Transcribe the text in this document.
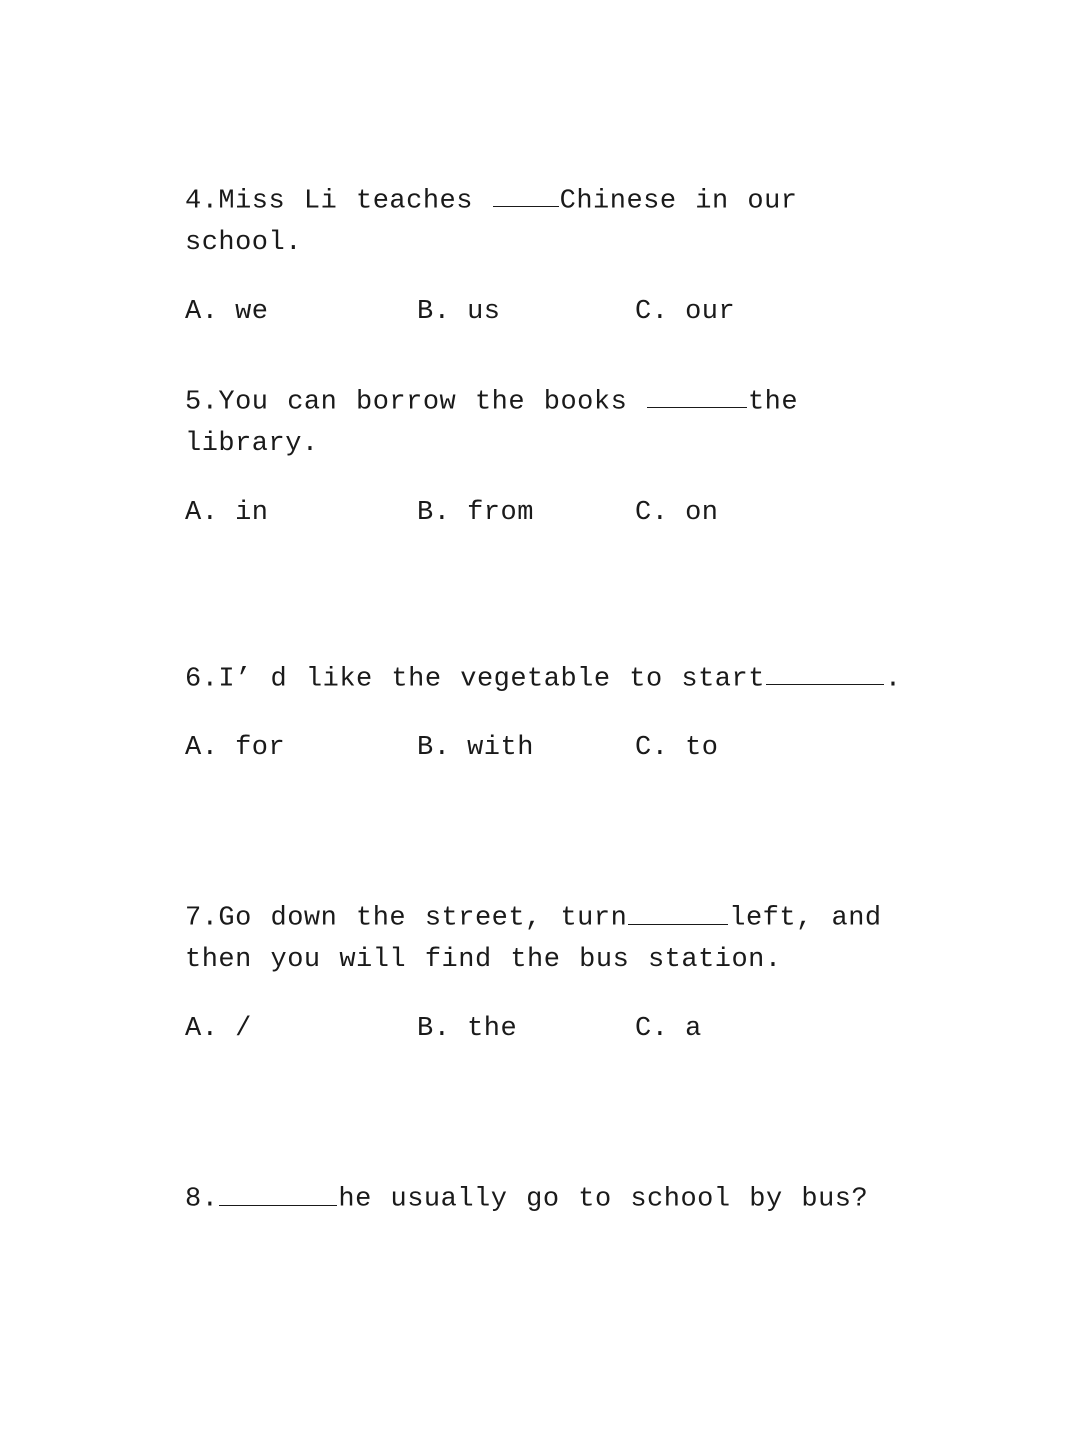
4.Miss Li teaches	Chinese in our school.
A. we	B. us	C. our
5.You can borrow the books	the library.
A. in	B. from	C. on
6.I’ d like the vegetable to start	.
A. for	B. with	C. to
7.Go down the street, turn	left, and then you will find the bus station.
A. /	B. the	C. a
8.	he usually go to school by bus?
